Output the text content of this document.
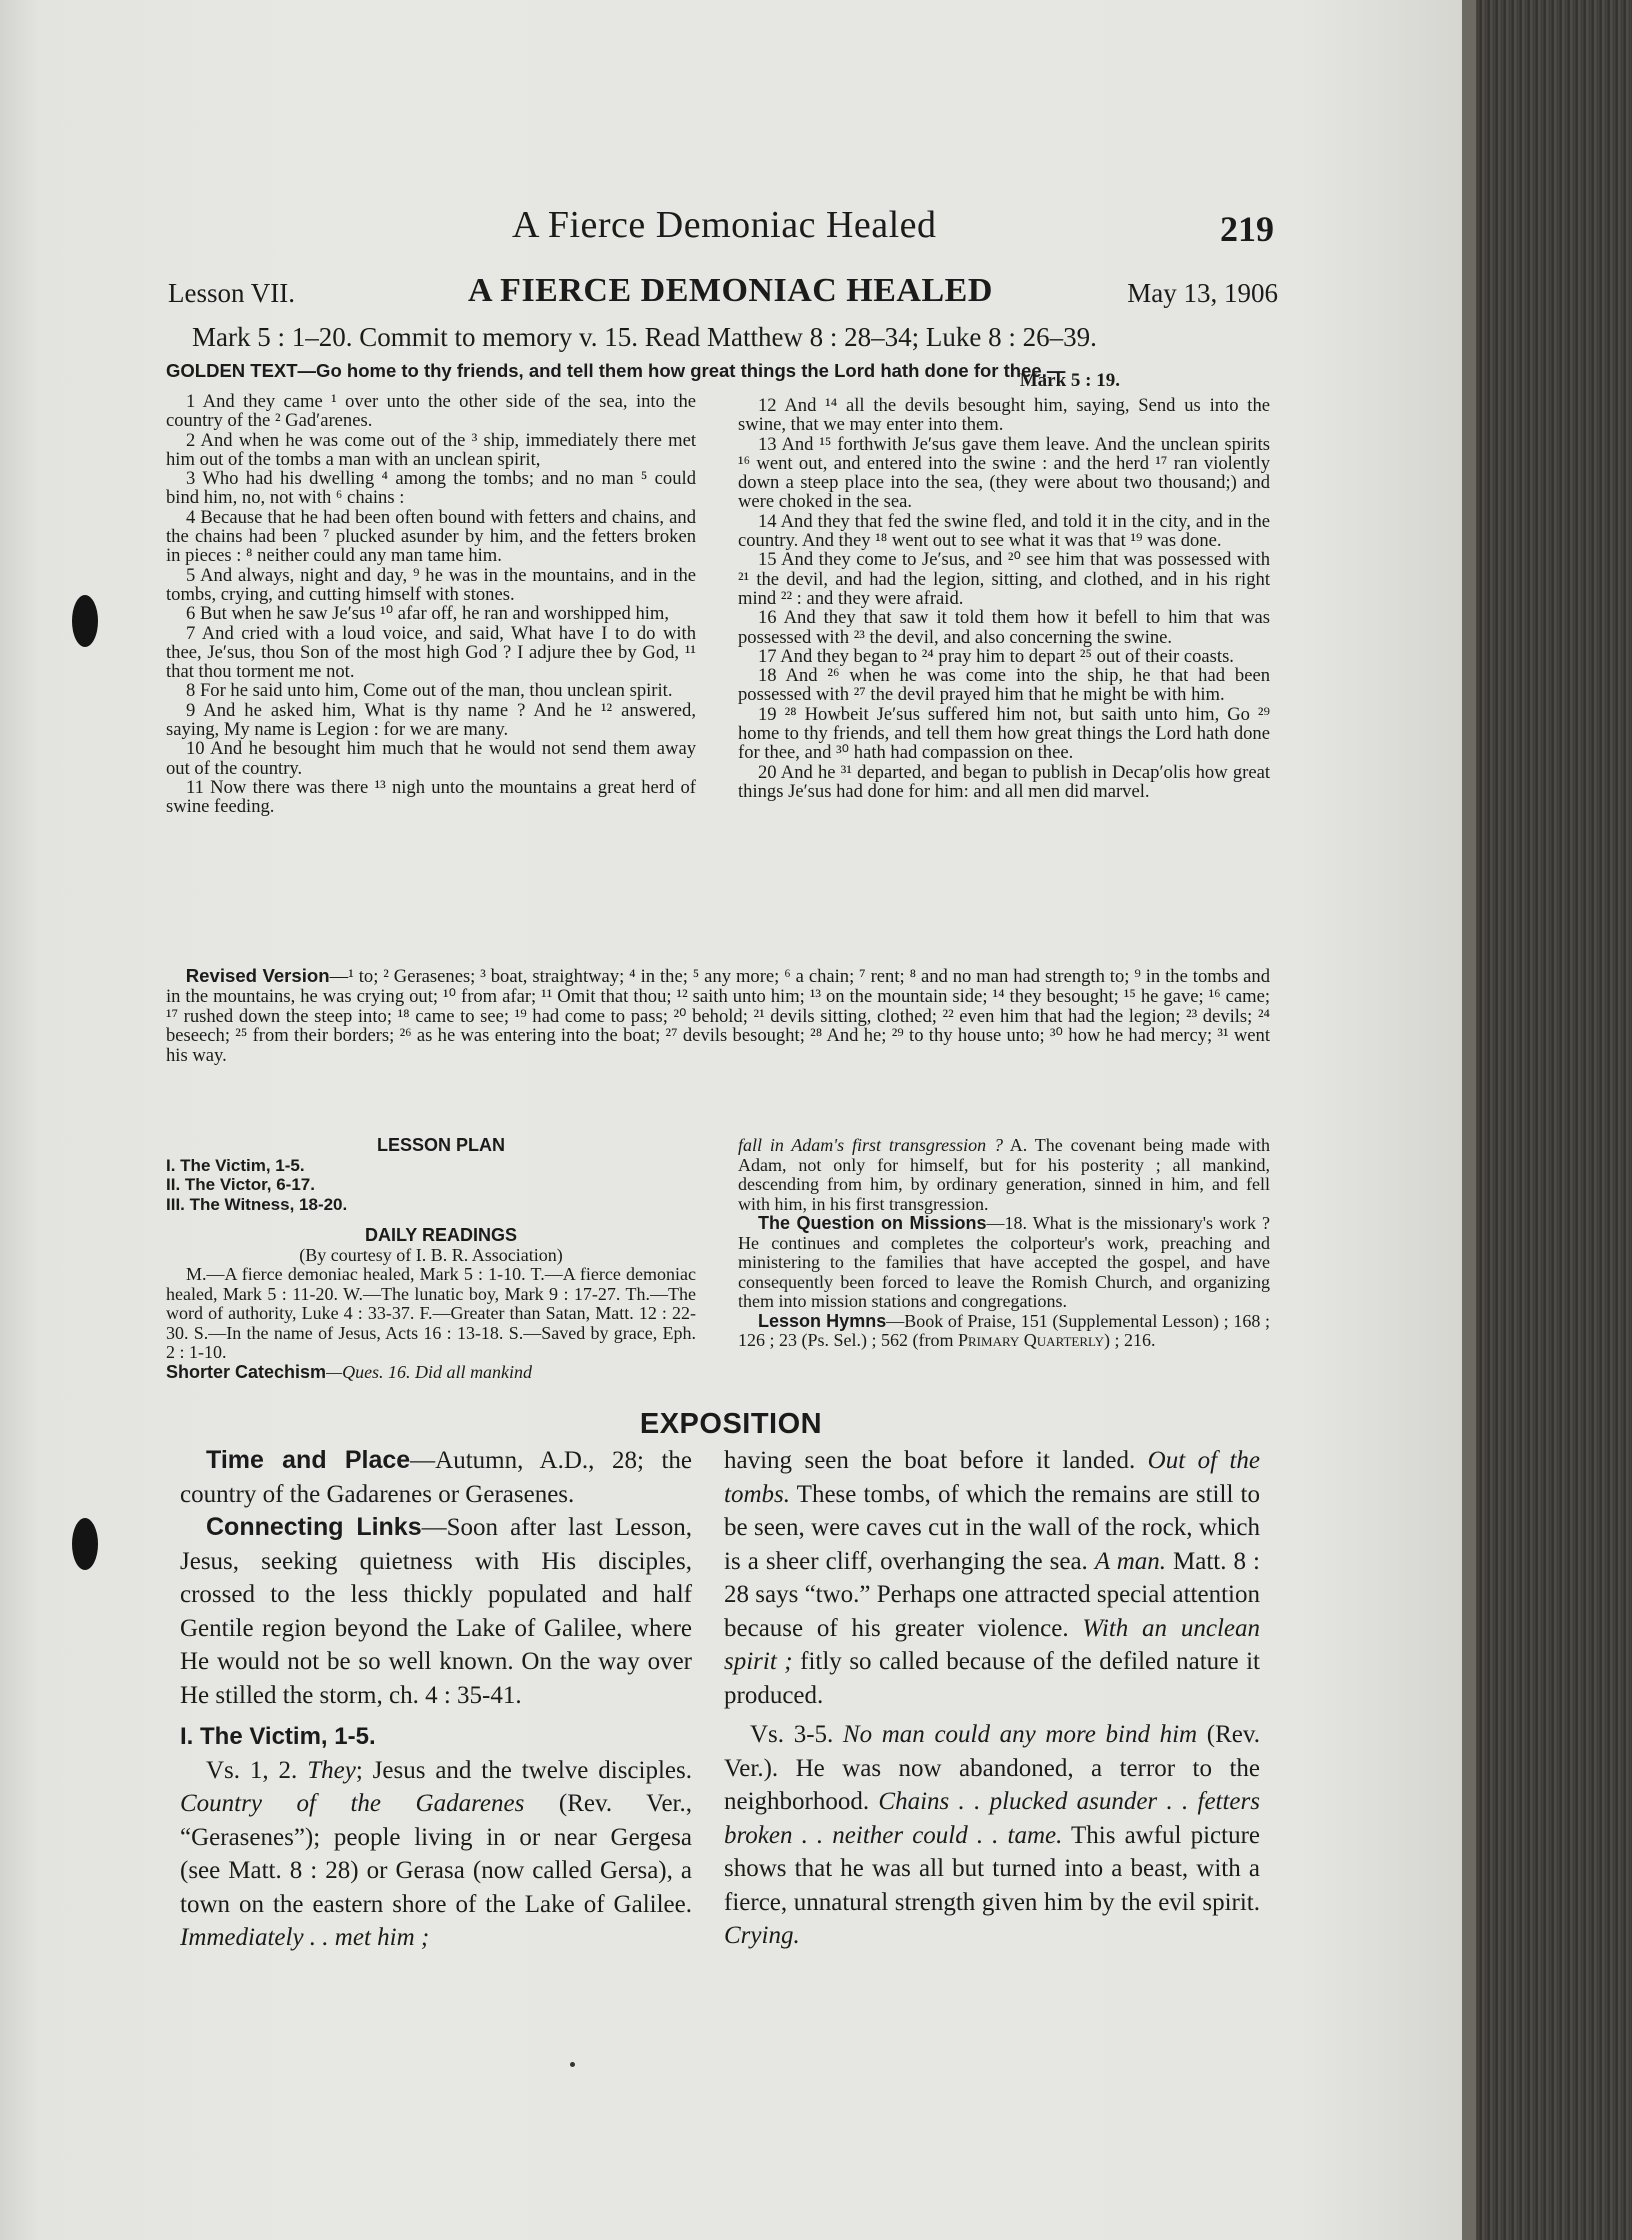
A Fierce Demoniac Healed	219
Lesson VII.	A FIERCE DEMONIAC HEALED	May 13, 1906
Mark 5 : 1–20. Commit to memory v. 15. Read Matthew 8 : 28–34; Luke 8 : 26–39.
GOLDEN TEXT—Go home to thy friends, and tell them how great things the Lord hath done for thee.—
Mark 5 : 19.

1 And they came ¹ over unto the other side of the sea, into the country of the ² Gad′arenes.

2 And when he was come out of the ³ ship, immediately there met him out of the tombs a man with an unclean spirit,

3 Who had his dwelling ⁴ among the tombs; and no man ⁵ could bind him, no, not with ⁶ chains :

4 Because that he had been often bound with fetters and chains, and the chains had been ⁷ plucked asunder by him, and the fetters broken in pieces : ⁸ neither could any man tame him.

5 And always, night and day, ⁹ he was in the mountains, and in the tombs, crying, and cutting himself with stones.

6 But when he saw Je′sus ¹⁰ afar off, he ran and worshipped him,

7 And cried with a loud voice, and said, What have I to do with thee, Je′sus, thou Son of the most high God ? I adjure thee by God, ¹¹ that thou torment me not.

8 For he said unto him, Come out of the man, thou unclean spirit.

9 And he asked him, What is thy name ? And he ¹² answered, saying, My name is Legion : for we are many.

10 And he besought him much that he would not send them away out of the country.

11 Now there was there ¹³ nigh unto the mountains a great herd of swine feeding.

12 And ¹⁴ all the devils besought him, saying, Send us into the swine, that we may enter into them.

13 And ¹⁵ forthwith Je′sus gave them leave. And the unclean spirits ¹⁶ went out, and entered into the swine : and the herd ¹⁷ ran violently down a steep place into the sea, (they were about two thousand;) and were choked in the sea.

14 And they that fed the swine fled, and told it in the city, and in the country. And they ¹⁸ went out to see what it was that ¹⁹ was done.

15 And they come to Je′sus, and ²⁰ see him that was possessed with ²¹ the devil, and had the legion, sitting, and clothed, and in his right mind ²² : and they were afraid.

16 And they that saw it told them how it befell to him that was possessed with ²³ the devil, and also concerning the swine.

17 And they began to ²⁴ pray him to depart ²⁵ out of their coasts.

18 And ²⁶ when he was come into the ship, he that had been possessed with ²⁷ the devil prayed him that he might be with him.

19 ²⁸ Howbeit Je′sus suffered him not, but saith unto him, Go ²⁹ home to thy friends, and tell them how great things the Lord hath done for thee, and ³⁰ hath had compassion on thee.

20 And he ³¹ departed, and began to publish in Decap′olis how great things Je′sus had done for him: and all men did marvel.

Revised Version—¹ to; ² Gerasenes; ³ boat, straightway; ⁴ in the; ⁵ any more; ⁶ a chain; ⁷ rent; ⁸ and no man had strength to; ⁹ in the tombs and in the mountains, he was crying out; ¹⁰ from afar; ¹¹ Omit that thou; ¹² saith unto him; ¹³ on the mountain side; ¹⁴ they besought; ¹⁵ he gave; ¹⁶ came; ¹⁷ rushed down the steep into; ¹⁸ came to see; ¹⁹ had come to pass; ²⁰ behold; ²¹ devils sitting, clothed; ²² even him that had the legion; ²³ devils; ²⁴ beseech; ²⁵ from their borders; ²⁶ as he was entering into the boat; ²⁷ devils besought; ²⁸ And he; ²⁹ to thy house unto; ³⁰ how he had mercy; ³¹ went his way.

LESSON PLAN

I. The Victim, 1-5.

II. The Victor, 6-17.

III. The Witness, 18-20.

DAILY READINGS

(By courtesy of I. B. R. Association)

M.—A fierce demoniac healed, Mark 5 : 1-10. T.—A fierce demoniac healed, Mark 5 : 11-20. W.—The lunatic boy, Mark 9 : 17-27. Th.—The word of authority, Luke 4 : 33-37. F.—Greater than Satan, Matt. 12 : 22-30. S.—In the name of Jesus, Acts 16 : 13-18. S.—Saved by grace, Eph. 2 : 1-10.

Shorter Catechism—Ques. 16. Did all mankind

fall in Adam's first transgression ? A. The covenant being made with Adam, not only for himself, but for his posterity ; all mankind, descending from him, by ordinary generation, sinned in him, and fell with him, in his first transgression.

The Question on Missions—18. What is the missionary's work ? He continues and completes the colporteur's work, preaching and ministering to the families that have accepted the gospel, and have consequently been forced to leave the Romish Church, and organizing them into mission stations and congregations.

Lesson Hymns—Book of Praise, 151 (Supplemental Lesson) ; 168 ; 126 ; 23 (Ps. Sel.) ; 562 (from Primary Quarterly) ; 216.

EXPOSITION

Time and Place—Autumn, A.D., 28; the country of the Gadarenes or Gerasenes.

Connecting Links—Soon after last Lesson, Jesus, seeking quietness with His disciples, crossed to the less thickly populated and half Gentile region beyond the Lake of Galilee, where He would not be so well known. On the way over He stilled the storm, ch. 4 : 35-41.

I. The Victim, 1-5.

Vs. 1, 2. They; Jesus and the twelve disciples. Country of the Gadarenes (Rev. Ver., “Gerasenes”); people living in or near Gergesa (see Matt. 8 : 28) or Gerasa (now called Gersa), a town on the eastern shore of the Lake of Galilee. Immediately . . met him ;

having seen the boat before it landed. Out of the tombs. These tombs, of which the remains are still to be seen, were caves cut in the wall of the rock, which is a sheer cliff, overhanging the sea. A man. Matt. 8 : 28 says “two.” Perhaps one attracted special attention because of his greater violence. With an unclean spirit ; fitly so called because of the defiled nature it produced.

Vs. 3-5. No man could any more bind him (Rev. Ver.). He was now abandoned, a terror to the neighborhood. Chains . . plucked asunder . . fetters broken . . neither could . . tame. This awful picture shows that he was all but turned into a beast, with a fierce, unnatural strength given him by the evil spirit. Crying.
